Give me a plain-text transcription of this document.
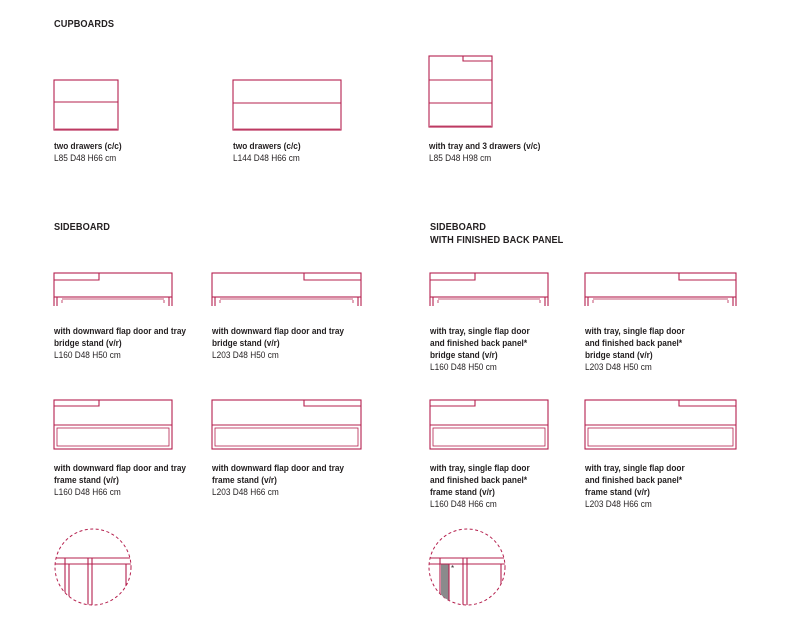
CUPBOARDS
SIDEBOARD	SIDEBOARD
WITH FINISHED BACK PANEL
*
two drawers (c/c)
L85 D48 H66 cm
two drawers (c/c)
L144 D48 H66 cm
with tray and 3 drawers (v/c)
L85 D48 H98 cm
with downward flap door and tray
bridge stand (v/r)
L160 D48 H50 cm
with downward flap door and tray
bridge stand (v/r)
L203 D48 H50 cm
with downward flap door and tray
frame stand (v/r)
L160 D48 H66 cm
with downward flap door and tray
frame stand (v/r)
L203 D48 H66 cm
with tray, single flap door
and finished back panel*
bridge stand (v/r)
L160 D48 H50 cm
with tray, single flap door
and finished back panel*
bridge stand (v/r)
L203 D48 H50 cm
with tray, single flap door
and finished back panel*
frame stand (v/r)
L160 D48 H66 cm
with tray, single flap door
and finished back panel*
frame stand (v/r)
L203 D48 H66 cm
